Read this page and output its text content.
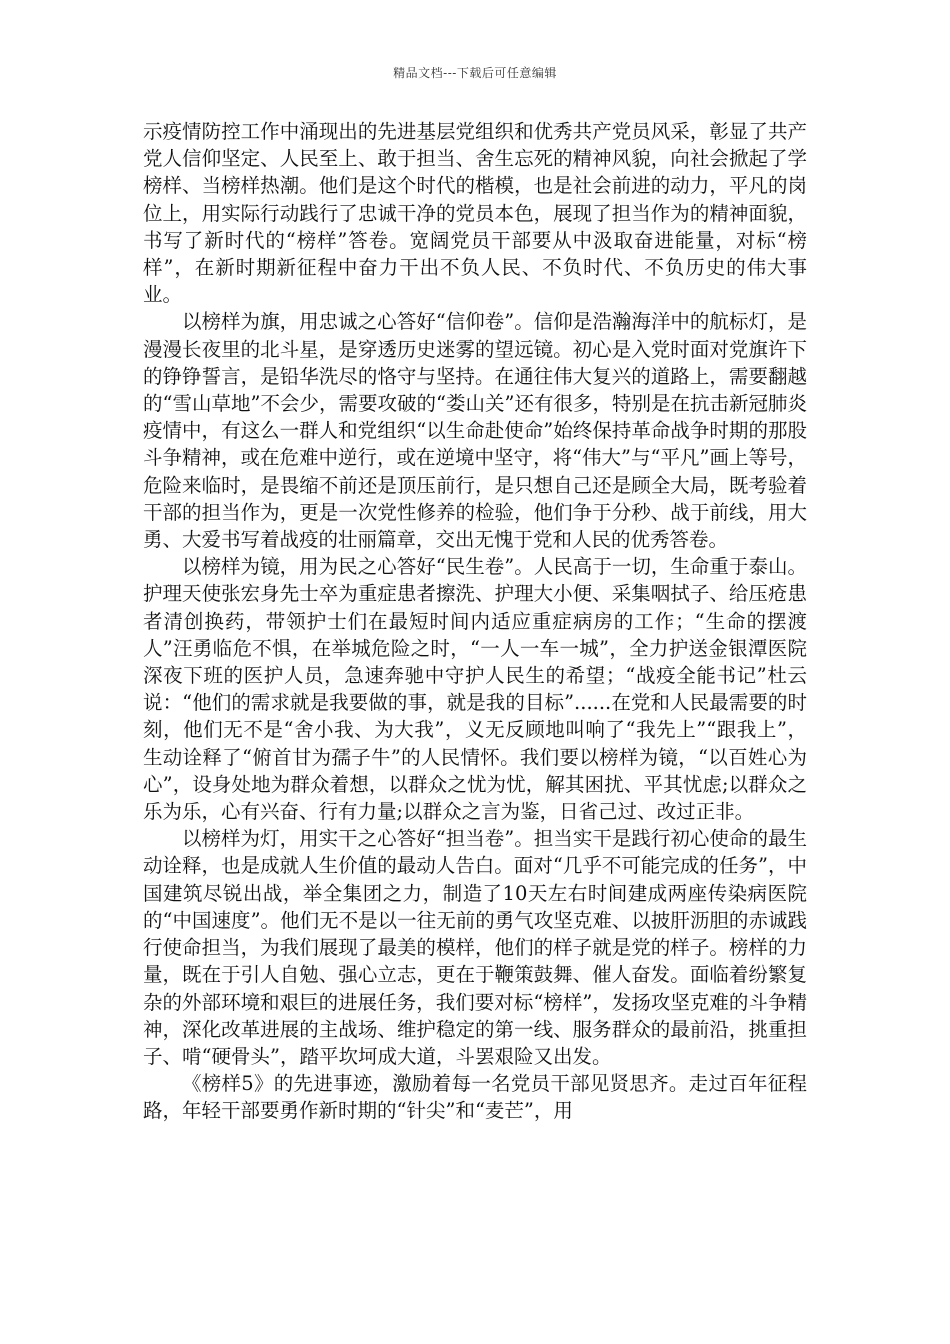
精品文档---下载后可任意编辑

示疫情防控工作中涌现出的先进基层党组织和优秀共产党员风采，彰显了共产党人信仰坚定、人民至上、敢于担当、舍生忘死的精神风貌，向社会掀起了学榜样、当榜样热潮。他们是这个时代的楷模，也是社会前进的动力，平凡的岗位上，用实际行动践行了忠诚干净的党员本色，展现了担当作为的精神面貌，书写了新时代的“榜样”答卷。宽阔党员干部要从中汲取奋进能量，对标“榜样”，在新时期新征程中奋力干出不负人民、不负时代、不负历史的伟大事业。

以榜样为旗，用忠诚之心答好“信仰卷”。信仰是浩瀚海洋中的航标灯，是漫漫长夜里的北斗星，是穿透历史迷雾的望远镜。初心是入党时面对党旗许下的铮铮誓言，是铅华洗尽的恪守与坚持。在通往伟大复兴的道路上，需要翻越的“雪山草地”不会少，需要攻破的“娄山关”还有很多，特别是在抗击新冠肺炎疫情中，有这么一群人和党组织“以生命赴使命”始终保持革命战争时期的那股斗争精神，或在危难中逆行，或在逆境中坚守，将“伟大”与“平凡”画上等号，危险来临时，是畏缩不前还是顶压前行，是只想自己还是顾全大局，既考验着干部的担当作为，更是一次党性修养的检验，他们争于分秒、战于前线，用大勇、大爱书写着战疫的壮丽篇章，交出无愧于党和人民的优秀答卷。

以榜样为镜，用为民之心答好“民生卷”。人民高于一切，生命重于泰山。护理天使张宏身先士卒为重症患者擦洗、护理大小便、采集咽拭子、给压疮患者清创换药，带领护士们在最短时间内适应重症病房的工作；“生命的摆渡人”汪勇临危不惧，在举城危险之时，“一人一车一城”，全力护送金银潭医院深夜下班的医护人员，急速奔驰中守护人民生的希望；“战疫全能书记”杜云说：“他们的需求就是我要做的事，就是我的目标”......在党和人民最需要的时刻，他们无不是“舍小我、为大我”，义无反顾地叫响了“我先上”“跟我上”，生动诠释了“俯首甘为孺子牛”的人民情怀。我们要以榜样为镜，“以百姓心为心”，设身处地为群众着想，以群众之忧为忧，解其困扰、平其忧虑;以群众之乐为乐，心有兴奋、行有力量;以群众之言为鉴，日省己过、改过正非。

以榜样为灯，用实干之心答好“担当卷”。担当实干是践行初心使命的最生动诠释，也是成就人生价值的最动人告白。面对“几乎不可能完成的任务”，中国建筑尽锐出战，举全集团之力，制造了10天左右时间建成两座传染病医院的“中国速度”。他们无不是以一往无前的勇气攻坚克难、以披肝沥胆的赤诚践行使命担当，为我们展现了最美的模样，他们的样子就是党的样子。榜样的力量，既在于引人自勉、强心立志，更在于鞭策鼓舞、催人奋发。面临着纷繁复杂的外部环境和艰巨的进展任务，我们要对标“榜样”，发扬攻坚克难的斗争精神，深化改革进展的主战场、维护稳定的第一线、服务群众的最前沿，挑重担子、啃“硬骨头”，踏平坎坷成大道，斗罢艰险又出发。

《榜样5》的先进事迹，激励着每一名党员干部见贤思齐。走过百年征程路，年轻干部要勇作新时期的“针尖”和“麦芒”，用
